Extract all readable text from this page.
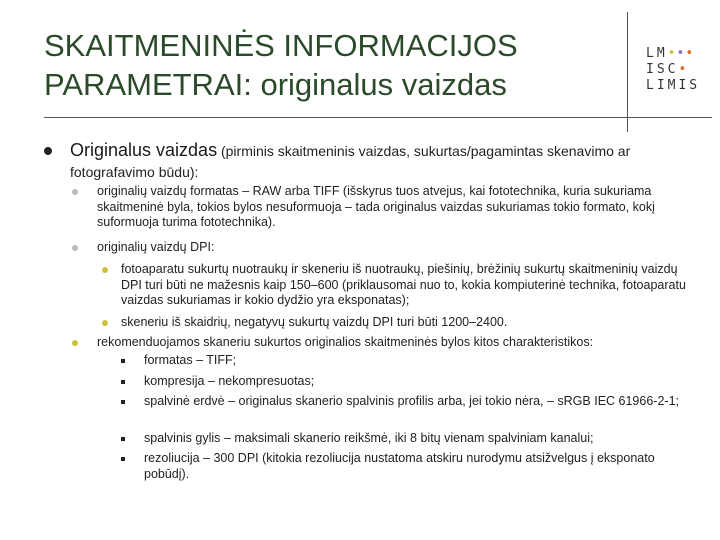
SKAITMENINĖS INFORMACIJOS
PARAMETRAI: originalus vaizdas
LM•••
ISC•
LIMIS
Originalus vaizdas (pirminis skaitmeninis vaizdas, sukurtas/pagamintas skenavimo ar fotografavimo būdu):
originalių vaizdų formatas – RAW arba TIFF (išskyrus tuos atvejus, kai fototechnika, kuria sukuriama skaitmeninė byla, tokios bylos nesuformuoja – tada originalus vaizdas sukuriamas tokio formato, kokį suformuoja turima fototechnika).
originalių vaizdų DPI:
fotoaparatu sukurtų nuotraukų ir skeneriu iš nuotraukų, piešinių, brėžinių sukurtų skaitmeninių vaizdų DPI turi būti ne mažesnis kaip 150–600 (priklausomai nuo to, kokia kompiuterinė technika, fotoaparatu vaizdas sukuriamas ir kokio dydžio yra eksponatas);
skeneriu iš skaidrių, negatyvų sukurtų vaizdų DPI turi būti 1200–2400.
rekomenduojamos skaneriu sukurtos originalios skaitmeninės bylos kitos charakteristikos:
formatas – TIFF;
kompresija – nekompresuotas;
spalvinė erdvė – originalus skanerio spalvinis profilis arba, jei tokio nėra, – sRGB IEC 61966-2-1;
spalvinis gylis – maksimali skanerio reikšmė, iki 8 bitų vienam spalviniam kanalui;
rezoliucija – 300 DPI (kitokia rezoliucija nustatoma atskiru nurodymu atsižvelgus į eksponato pobūdį).
